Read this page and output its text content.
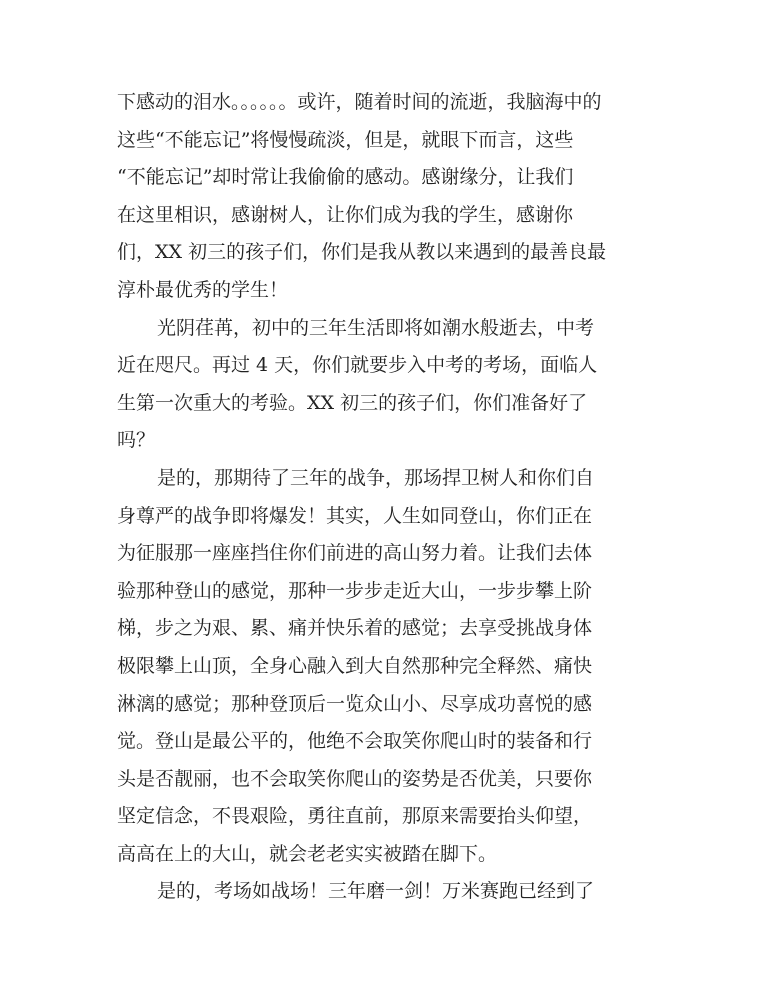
下感动的泪水。。。。。。或许，随着时间的流逝，我脑海中的
这些“不能忘记”将慢慢疏淡，但是，就眼下而言，这些
“不能忘记”却时常让我偷偷的感动。感谢缘分，让我们
在这里相识，感谢树人，让你们成为我的学生，感谢你
们，XX 初三的孩子们，你们是我从教以来遇到的最善良最
淳朴最优秀的学生！
光阴荏苒，初中的三年生活即将如潮水般逝去，中考
近在咫尺。再过 4 天，你们就要步入中考的考场，面临人
生第一次重大的考验。XX 初三的孩子们，你们准备好了
吗？
是的，那期待了三年的战争，那场捍卫树人和你们自
身尊严的战争即将爆发！其实，人生如同登山，你们正在
为征服那一座座挡住你们前进的高山努力着。让我们去体
验那种登山的感觉，那种一步步走近大山，一步步攀上阶
梯，步之为艰、累、痛并快乐着的感觉；去享受挑战身体
极限攀上山顶，全身心融入到大自然那种完全释然、痛快
淋漓的感觉；那种登顶后一览众山小、尽享成功喜悦的感
觉。登山是最公平的，他绝不会取笑你爬山时的装备和行
头是否靓丽，也不会取笑你爬山的姿势是否优美，只要你
坚定信念，不畏艰险，勇往直前，那原来需要抬头仰望，
高高在上的大山，就会老老实实被踏在脚下。
是的，考场如战场！三年磨一剑！万米赛跑已经到了
